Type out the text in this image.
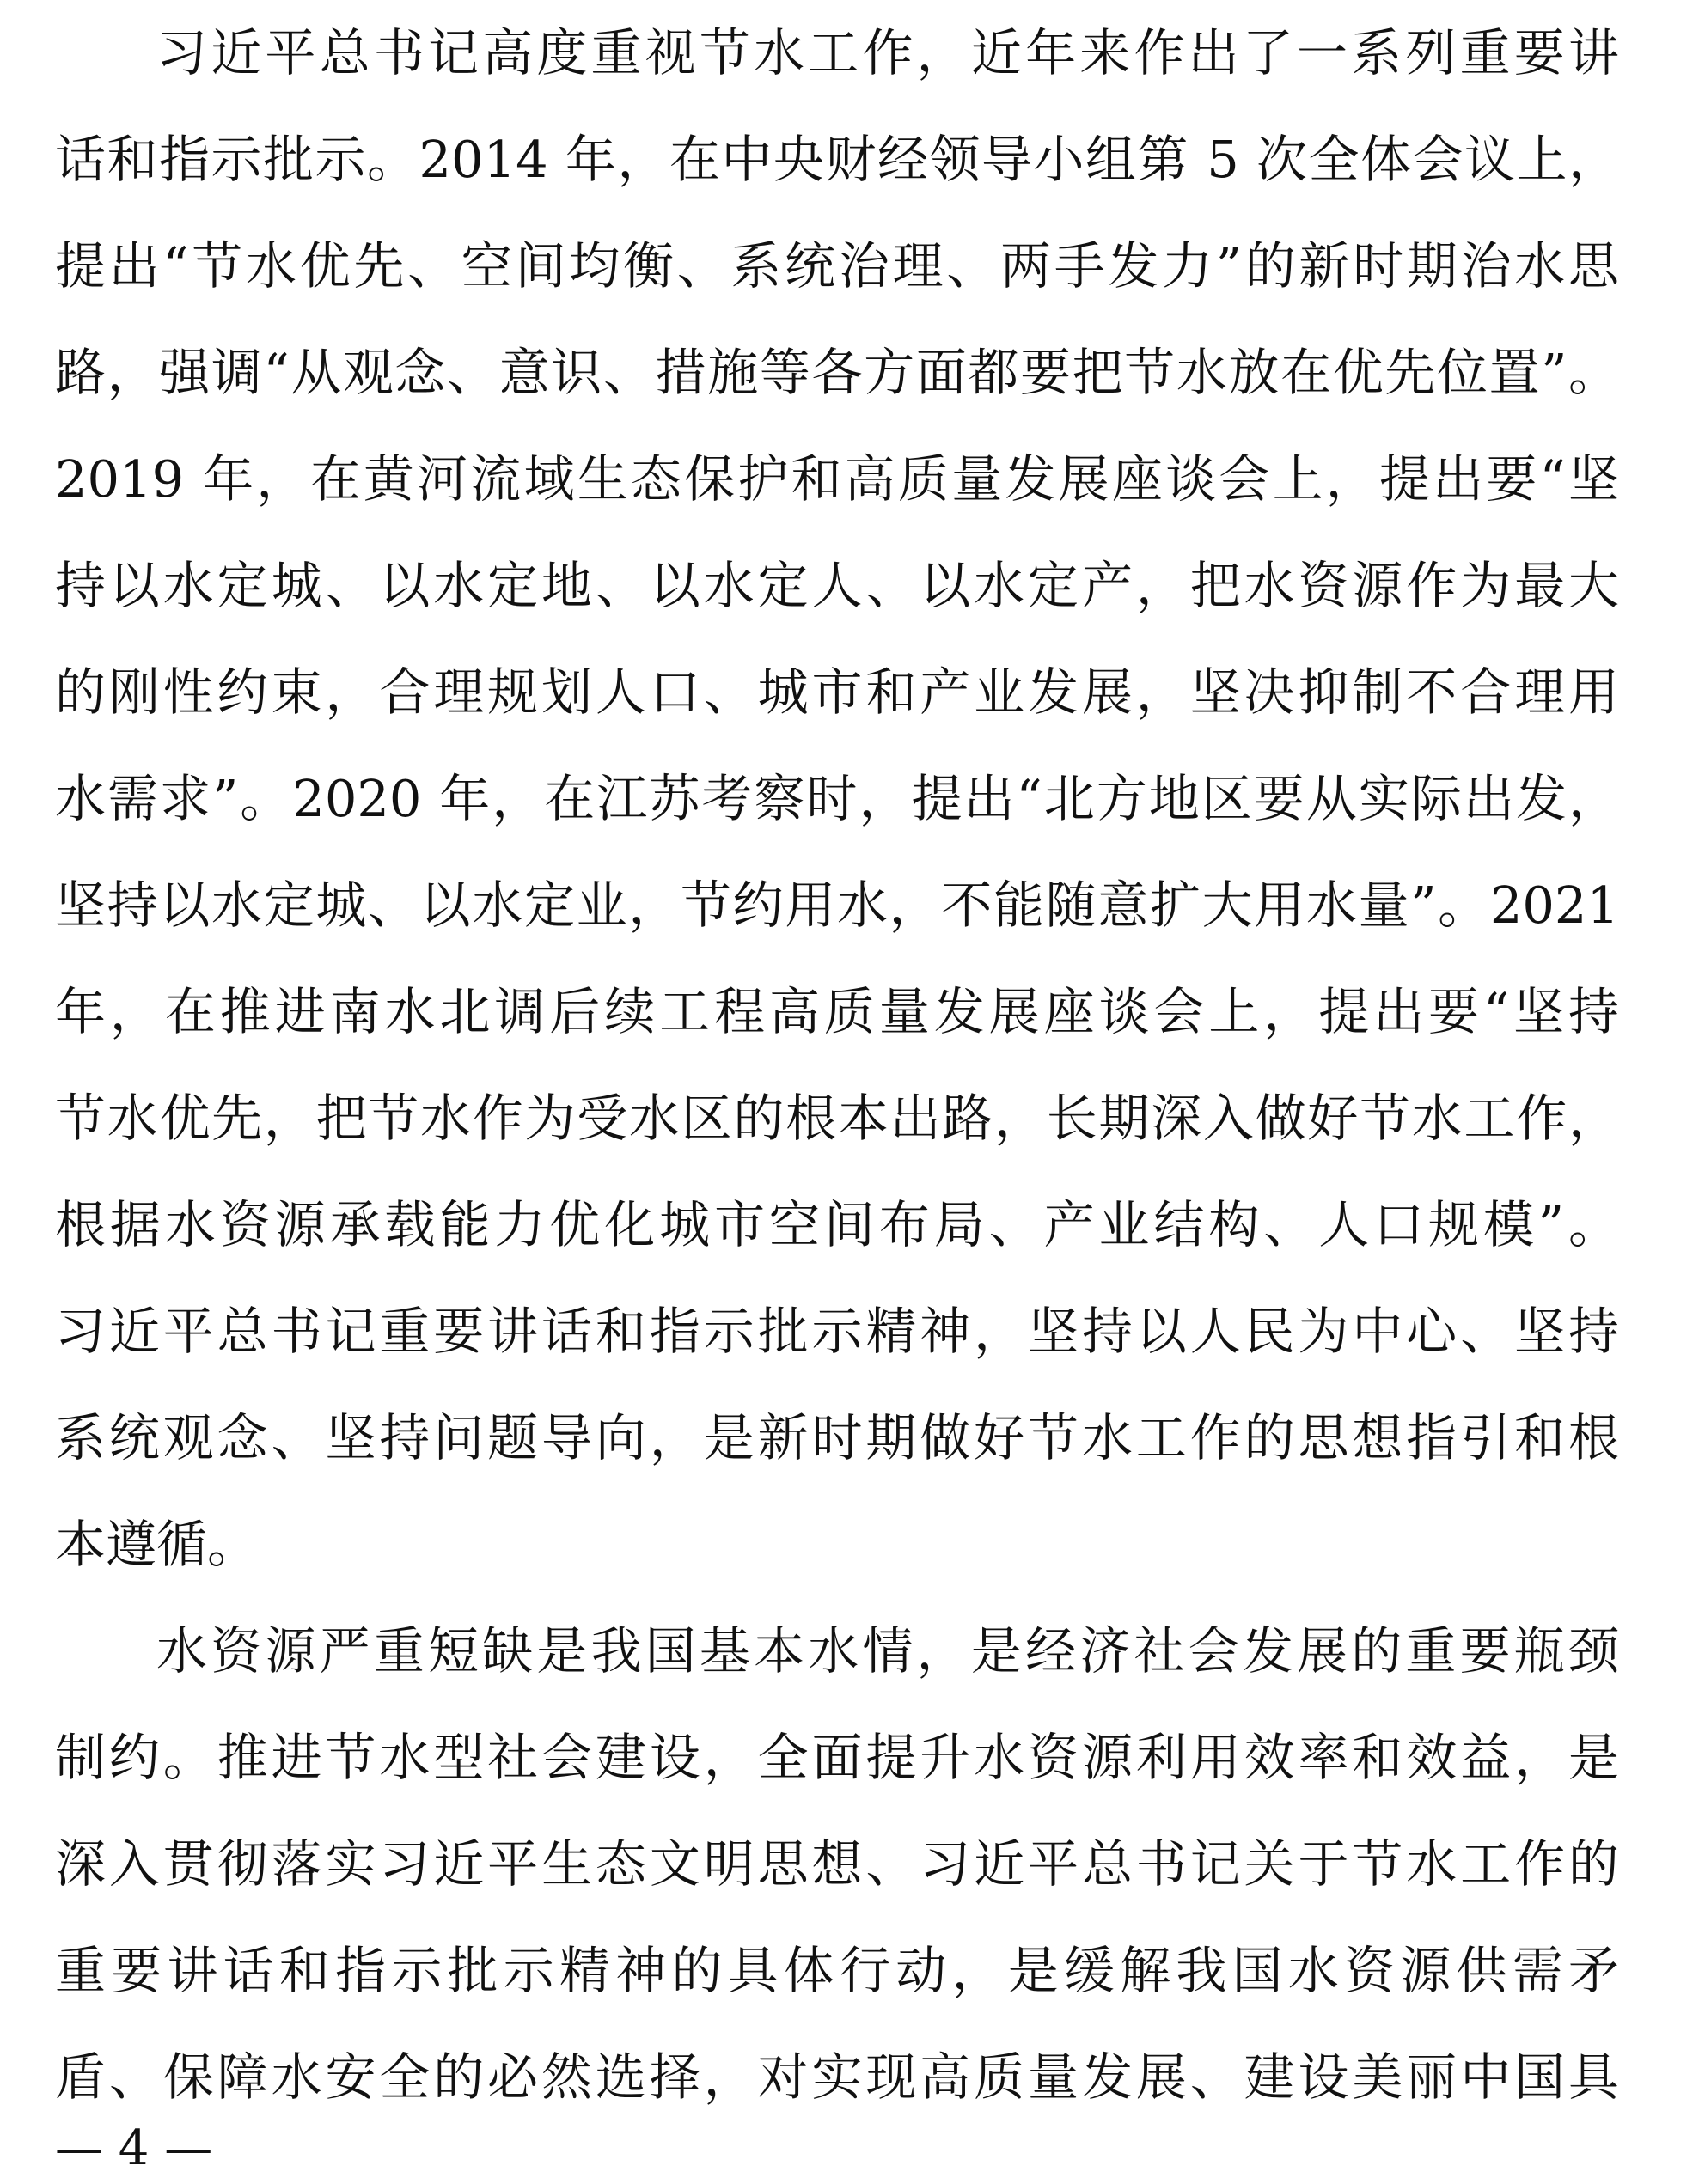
习近平总书记高度重视节水工作，近年来作出了一系列重要讲
话和指示批示。2014 年，在中央财经领导小组第 5 次全体会议上，
提出“节水优先、空间均衡、系统治理、两手发力”的新时期治水思
路，强调“从观念、意识、措施等各方面都要把节水放在优先位置”。
2019 年，在黄河流域生态保护和高质量发展座谈会上，提出要“坚
持以水定城、以水定地、以水定人、以水定产，把水资源作为最大
的刚性约束，合理规划人口、城市和产业发展，坚决抑制不合理用
水需求”。2020 年，在江苏考察时，提出“北方地区要从实际出发，
坚持以水定城、以水定业，节约用水，不能随意扩大用水量”。2021
年，在推进南水北调后续工程高质量发展座谈会上，提出要“坚持
节水优先，把节水作为受水区的根本出路，长期深入做好节水工作，
根据水资源承载能力优化城市空间布局、产业结构、人口规模”。
习近平总书记重要讲话和指示批示精神，坚持以人民为中心、坚持
系统观念、坚持问题导向，是新时期做好节水工作的思想指引和根
本遵循。

水资源严重短缺是我国基本水情，是经济社会发展的重要瓶颈
制约。推进节水型社会建设，全面提升水资源利用效率和效益，是
深入贯彻落实习近平生态文明思想、习近平总书记关于节水工作的
重要讲话和指示批示精神的具体行动，是缓解我国水资源供需矛
盾、保障水安全的必然选择，对实现高质量发展、建设美丽中国具

— 4 —
